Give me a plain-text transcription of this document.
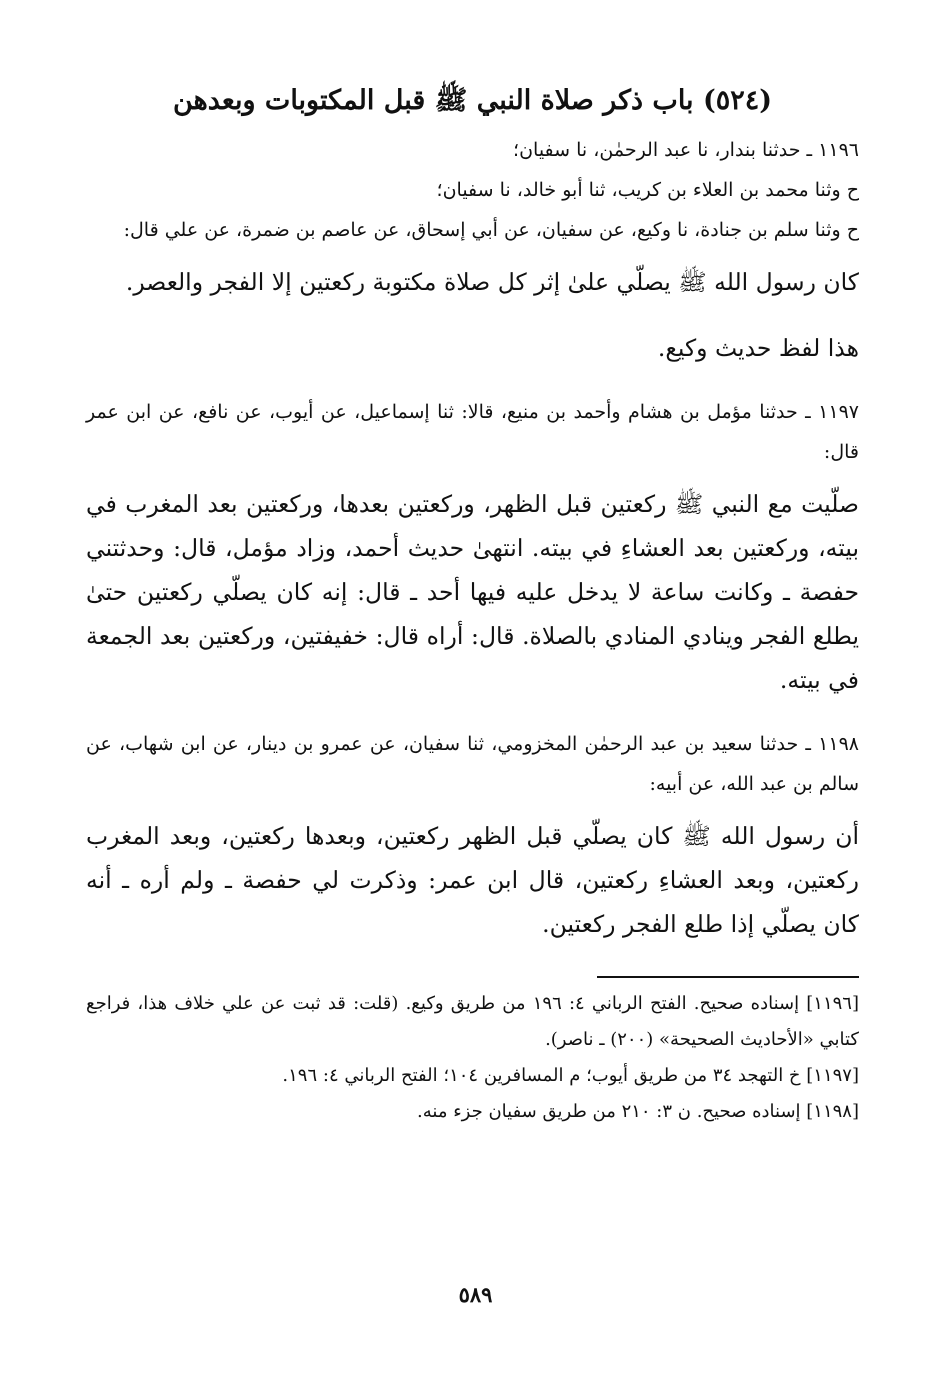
(٥٢٤) باب ذكر صلاة النبي ﷺ قبل المكتوبات وبعدهن

١١٩٦ ـ حدثنا بندار، نا عبد الرحمٰن، نا سفيان؛

ح وثنا محمد بن العلاء بن كريب، ثنا أبو خالد، نا سفيان؛

ح وثنا سلم بن جنادة، نا وكيع، عن سفيان، عن أبي إسحاق، عن عاصم بن ضمرة، عن علي قال:

كان رسول الله ﷺ يصلّي علىٰ إثر كل صلاة مكتوبة ركعتين إلا الفجر والعصر.

هذا لفظ حديث وكيع.

١١٩٧ ـ حدثنا مؤمل بن هشام وأحمد بن منيع، قالا: ثنا إسماعيل، عن أيوب، عن نافع، عن ابن عمر قال:

صلّيت مع النبي ﷺ ركعتين قبل الظهر، وركعتين بعدها، وركعتين بعد المغرب في بيته، وركعتين بعد العشاءِ في بيته. انتهىٰ حديث أحمد، وزاد مؤمل، قال: وحدثتني حفصة ـ وكانت ساعة لا يدخل عليه فيها أحد ـ قال: إنه كان يصلّي ركعتين حتىٰ يطلع الفجر وينادي المنادي بالصلاة. قال: أراه قال: خفيفتين، وركعتين بعد الجمعة في بيته.

١١٩٨ ـ حدثنا سعيد بن عبد الرحمٰن المخزومي، ثنا سفيان، عن عمرو بن دينار، عن ابن شهاب، عن سالم بن عبد الله، عن أبيه:

أن رسول الله ﷺ كان يصلّي قبل الظهر ركعتين، وبعدها ركعتين، وبعد المغرب ركعتين، وبعد العشاءِ ركعتين، قال ابن عمر: وذكرت لي حفصة ـ ولم أره ـ أنه كان يصلّي إذا طلع الفجر ركعتين.

[١١٩٦] إسناده صحيح. الفتح الرباني ٤: ١٩٦ من طريق وكيع. (قلت: قد ثبت عن علي خلاف هذا، فراجع كتابي «الأحاديث الصحيحة» (٢٠٠) ـ ناصر).

[١١٩٧] خ التهجد ٣٤ من طريق أيوب؛ م المسافرين ١٠٤؛ الفتح الرباني ٤: ١٩٦.

[١١٩٨] إسناده صحيح. ن ٣: ٢١٠ من طريق سفيان جزء منه.

٥٨٩
